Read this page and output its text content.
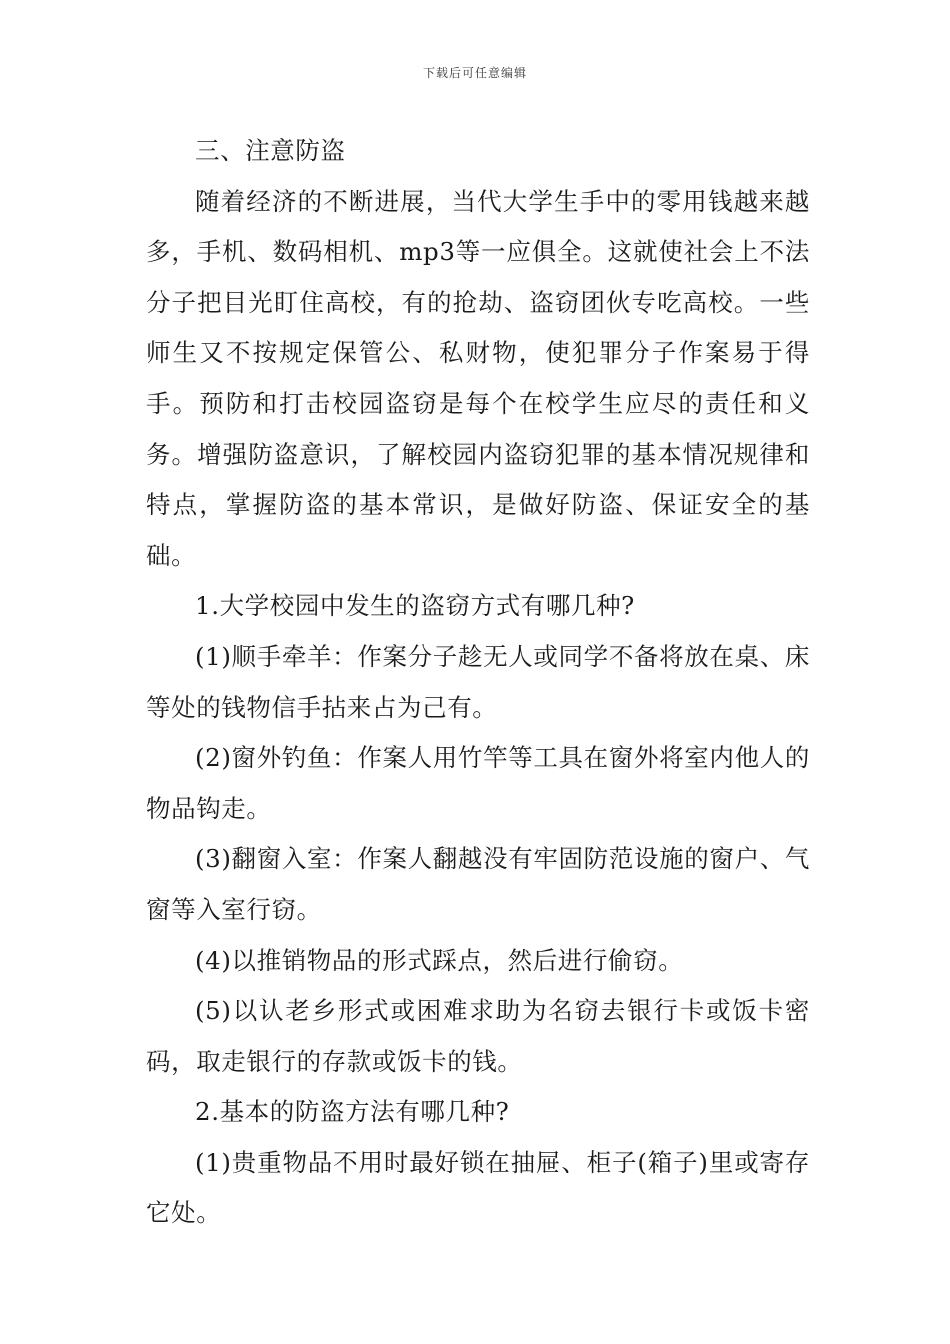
下载后可任意编辑

三、注意防盗

随着经济的不断进展，当代大学生手中的零用钱越来越多，手机、数码相机、mp3等一应俱全。这就使社会上不法分子把目光盯住高校，有的抢劫、盗窃团伙专吃高校。一些师生又不按规定保管公、私财物，使犯罪分子作案易于得手。预防和打击校园盗窃是每个在校学生应尽的责任和义务。增强防盗意识，了解校园内盗窃犯罪的基本情况规律和特点，掌握防盗的基本常识，是做好防盗、保证安全的基础。

1.大学校园中发生的盗窃方式有哪几种?

(1)顺手牵羊：作案分子趁无人或同学不备将放在桌、床等处的钱物信手拈来占为己有。

(2)窗外钓鱼：作案人用竹竿等工具在窗外将室内他人的物品钩走。

(3)翻窗入室：作案人翻越没有牢固防范设施的窗户、气窗等入室行窃。

(4)以推销物品的形式踩点，然后进行偷窃。

(5)以认老乡形式或困难求助为名窃去银行卡或饭卡密码，取走银行的存款或饭卡的钱。

2.基本的防盗方法有哪几种?

(1)贵重物品不用时最好锁在抽屉、柜子(箱子)里或寄存它处。
